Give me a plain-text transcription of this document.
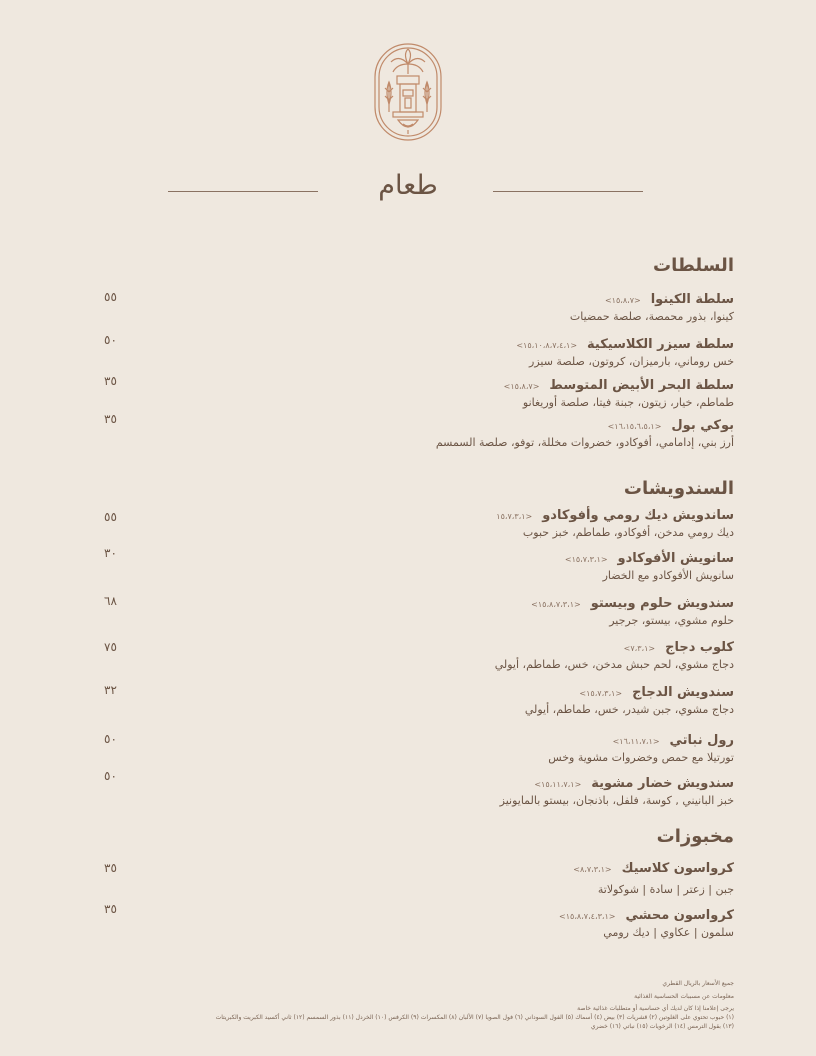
طعام
السلطات
سلطة الكينوا
<١٥،٨،٧>
كينوا، بذور محمصة، صلصة حمضيات
٥٥
سلطة سيزر الكلاسيكية
<١٥،١٠،٨،٧،٤،١>
خس روماني، بارميزان، كروتون، صلصة سيزر
٥٠
سلطة البحر الأبيض المتوسط
<١٥،٨،٧>
طماطم، خيار، زيتون، جبنة فيتا، صلصة أوريغانو
٣٥
بوكي بول
<١٦،١٥،٦،٥،١>
أرز بني، إدامامي، أفوكادو، خضروات مخللة، توفو، صلصة السمسم
٣٥
السندويشات
ساندويش ديك رومي وأفوكادو
<١٥،٧،٣،١
ديك رومي مدخن، أفوكادو، طماطم، خبز حبوب
٥٥
سانويش الأفوكادو
<١٥،٧،٣،١>
سانويش الأفوكادو مع الخضار
٣٠
سندويش حلوم وبيستو
<١٥،٨،٧،٣،١>
حلوم مشوي، بيستو، جرجير
٦٨
كلوب دجاج
<٧،٣،١>
دجاج مشوي، لحم حبش مدخن، خس، طماطم، أيولي
٧٥
سندويش الدجاج
<١٥،٧،٣،١>
دجاج مشوي، جبن شيدر، خس، طماطم، أيولي
٣٢
رول نباتي
<١٦،١١،٧،١>
تورتيلا مع حمص وخضروات مشوية وخس
٥٠
سندويش خضار مشوية
<١٥،١١،٧،١>
خبز البانيني , كوسة، فلفل، باذنجان، بيستو بالمايونيز
٥٠
مخبوزات
كرواسون كلاسيك
<٨،٧،٣،١>
جبن | زعتر | سادة | شوكولاتة
٣٥
كرواسون محشي
<١٥،٨،٧،٤،٣،١>
سلمون | عكاوي | ديك رومي
٣٥
جميع الأسعار بالريال القطري
معلومات عن مسببات الحساسية الغذائية
يرجى إعلامنا إذا كان لديك أي حساسية أو متطلبات غذائية خاصة
(١) حبوب تحتوي على الغلوتين (٢) قشريات (٣) بيض (٤) أسماك (٥) الفول السوداني (٦) فول الصويا (٧) الألبان (٨) المكسرات (٩) الكرفس (١٠) الخردل (١١) بذور السمسم (١٢) ثاني أكسيد الكبريت والكبريتات
(١٣) بقول الترمس (١٤) الرخويات (١٥) نباتي (١٦) خضري
